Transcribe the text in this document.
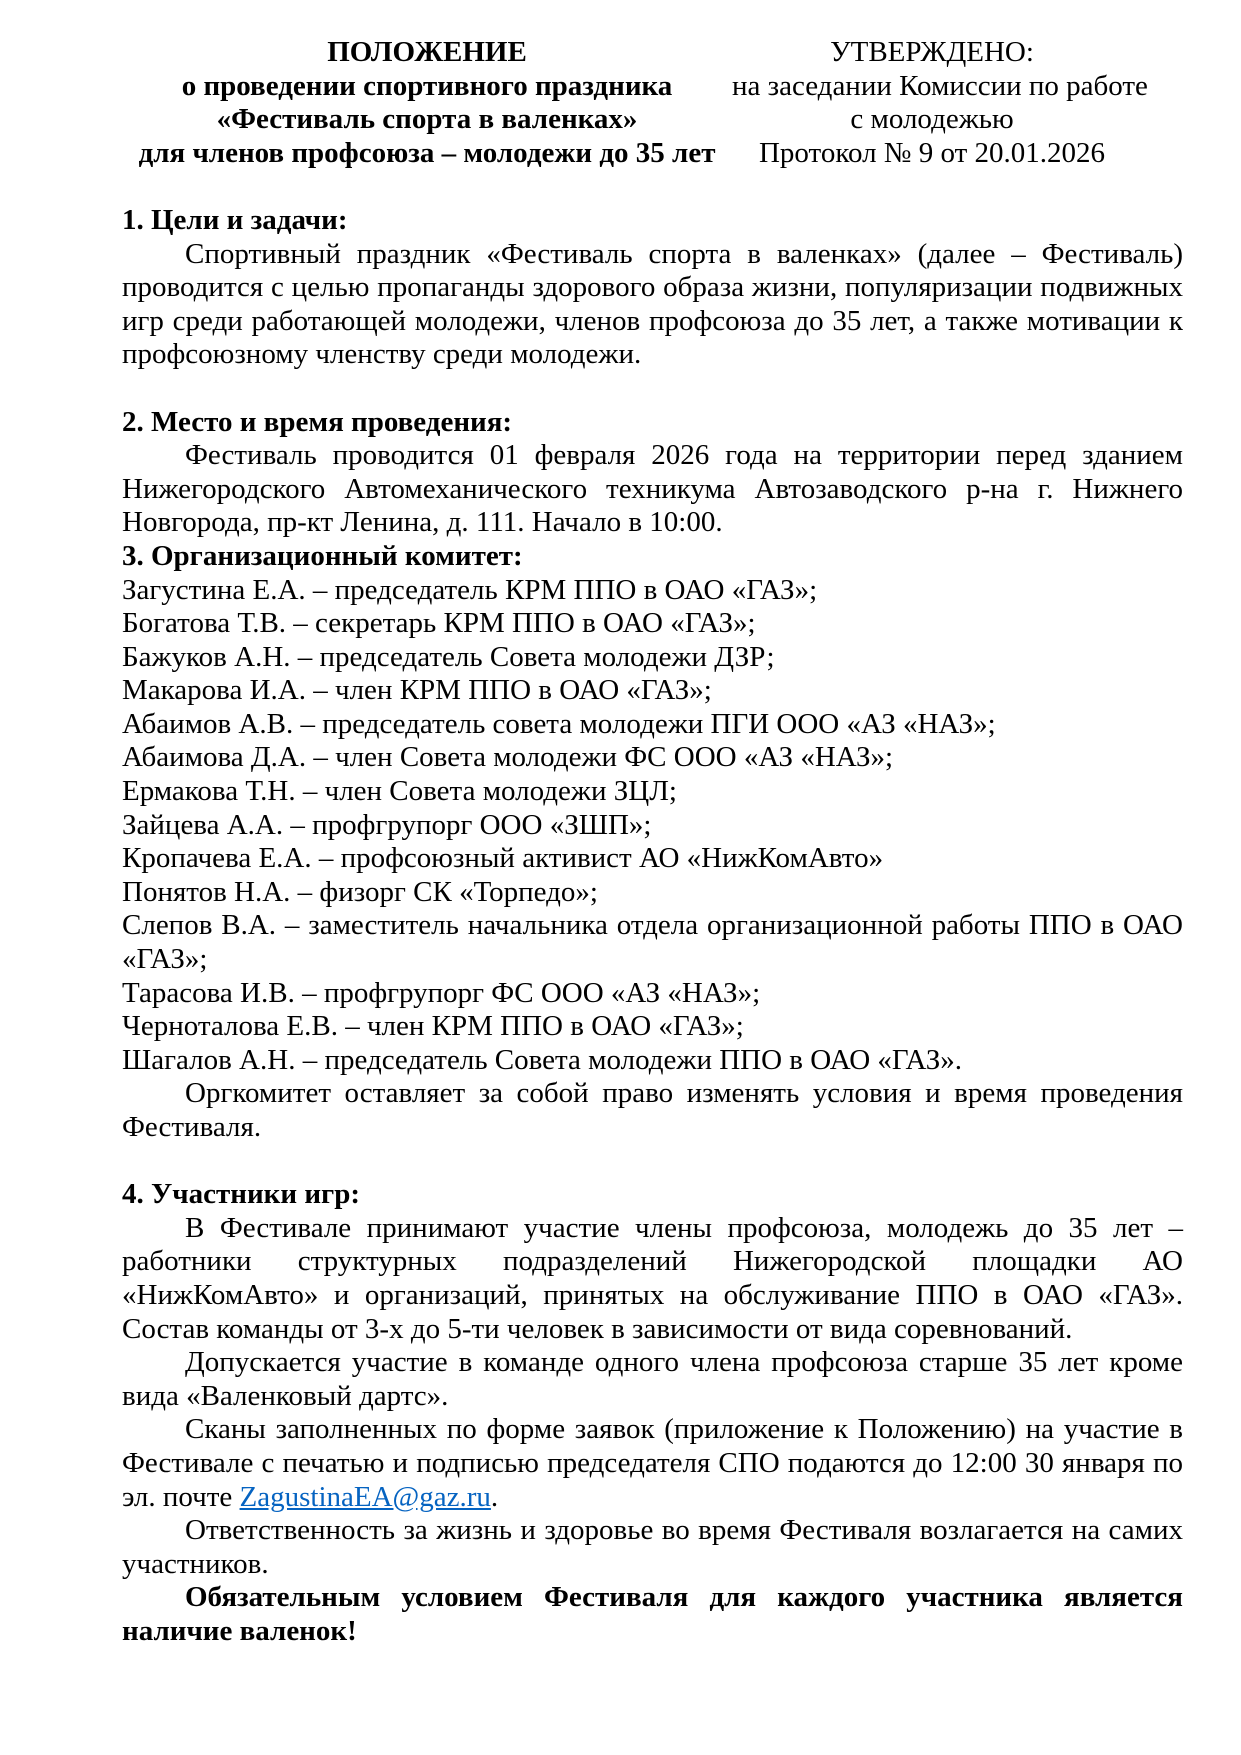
ПОЛОЖЕНИЕ
о проведении спортивного праздника
«Фестиваль спорта в валенках»
для членов профсоюза – молодежи до 35 лет
УТВЕРЖДЕНО:
на заседании Комиссии по работе
с молодежью
Протокол № 9 от 20.01.2026
1. Цели и задачи:

Спортивный праздник «Фестиваль спорта в валенках» (далее – Фестиваль) проводится с целью пропаганды здорового образа жизни, популяризации подвижных игр среди работающей молодежи, членов профсоюза до 35 лет, а также мотивации к профсоюзному членству среди молодежи.

2. Место и время проведения:

Фестиваль проводится 01 февраля 2026 года на территории перед зданием Нижегородского Автомеханического техникума Автозаводского р-на г. Нижнего Новгорода, пр-кт Ленина, д. 111. Начало в 10:00.

3. Организационный комитет:
Загустина Е.А. – председатель КРМ ППО в ОАО «ГАЗ»;
Богатова Т.В. – секретарь КРМ ППО в ОАО «ГАЗ»;
Бажуков А.Н. – председатель Совета молодежи ДЗР;
Макарова И.А. – член КРМ ППО в ОАО «ГАЗ»;
Абаимов А.В. – председатель совета молодежи ПГИ ООО «АЗ «НАЗ»;
Абаимова Д.А. – член Совета молодежи ФС ООО «АЗ «НАЗ»;
Ермакова Т.Н. – член Совета молодежи ЗЦЛ;
Зайцева А.А. – профгрупорг ООО «ЗШП»;
Кропачева Е.А. – профсоюзный активист АО «НижКомАвто»
Понятов Н.А. – физорг СК «Торпедо»;
Слепов В.А. – заместитель начальника отдела организационной работы ППО в ОАО «ГАЗ»;
Тарасова И.В. – профгрупорг ФС ООО «АЗ «НАЗ»;
Черноталова Е.В. – член КРМ ППО в ОАО «ГАЗ»;
Шагалов А.Н. – председатель Совета молодежи ППО в ОАО «ГАЗ».

Оргкомитет оставляет за собой право изменять условия и время проведения Фестиваля.

4. Участники игр:

В Фестивале принимают участие члены профсоюза, молодежь до 35 лет – работники структурных подразделений Нижегородской площадки АО «НижКомАвто» и организаций, принятых на обслуживание ППО в ОАО «ГАЗ». Состав команды от 3-х до 5-ти человек в зависимости от вида соревнований.

Допускается участие в команде одного члена профсоюза старше 35 лет кроме вида «Валенковый дартс».

Сканы заполненных по форме заявок (приложение к Положению) на участие в Фестивале с печатью и подписью председателя СПО подаются до 12:00 30 января по эл. почте ZagustinaEA@gaz.ru.

Ответственность за жизнь и здоровье во время Фестиваля возлагается на самих участников.

Обязательным условием Фестиваля для каждого участника является наличие валенок!
